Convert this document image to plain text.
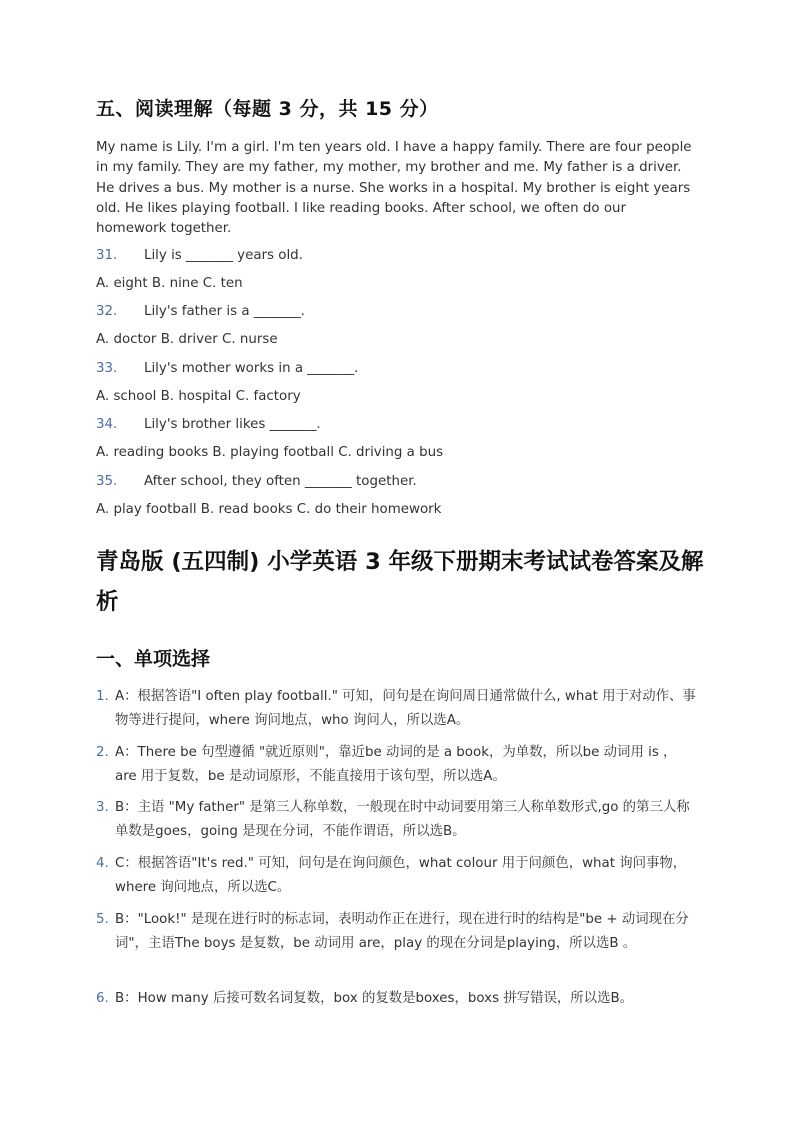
五、阅读理解（每题 3 分，共 15 分）
My name is Lily. I'm a girl. I'm ten years old. I have a happy family. There are four people in my family. They are my father, my mother, my brother and me. My father is a driver. He drives a bus. My mother is a nurse. She works in a hospital. My brother is eight years old. He likes playing football. I like reading books. After school, we often do our homework together.
31. Lily is _______ years old.
A. eight B. nine C. ten
32. Lily's father is a _______.
A. doctor B. driver C. nurse
33. Lily's mother works in a _______.
A. school B. hospital C. factory
34. Lily's brother likes _______.
A. reading books B. playing football C. driving a bus
35. After school, they often _______ together.
A. play football B. read books C. do their homework
青岛版 (五四制) 小学英语 3 年级下册期末考试试卷答案及解析
一、单项选择
1. A：根据答语"I often play football." 可知，问句是在询问周日通常做什么, what 用于对动作、事物等进行提问，where 询问地点，who 询问人，所以选A。
2. A：There be 句型遵循 "就近原则"，靠近be 动词的是 a book，为单数，所以be 动词用 is ，are 用于复数，be 是动词原形，不能直接用于该句型，所以选A。
3. B：主语 "My father" 是第三人称单数，一般现在时中动词要用第三人称单数形式,go 的第三人称单数是goes，going 是现在分词，不能作谓语，所以选B。
4. C：根据答语"It's red." 可知，问句是在询问颜色，what colour 用于问颜色，what 询问事物，where 询问地点，所以选C。
5. B："Look!" 是现在进行时的标志词，表明动作正在进行，现在进行时的结构是"be + 动词现在分词"，主语The boys 是复数，be 动词用 are，play 的现在分词是playing，所以选B 。
6. B：How many 后接可数名词复数，box 的复数是boxes，boxs 拼写错误，所以选B。
